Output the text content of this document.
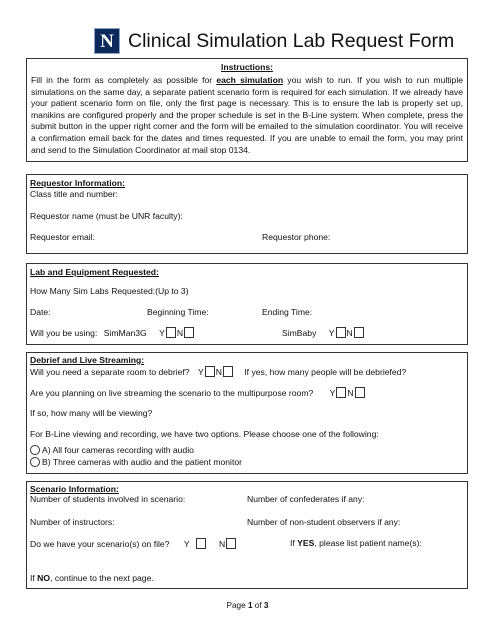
N Clinical Simulation Lab Request Form
Instructions:
Fill in the form as completely as possible for each simulation you wish to run. If you wish to run multiple simulations on the same day, a separate patient scenario form is required for each simulation. If we already have your patient scenario form on file, only the first page is necessary. This is to ensure the lab is properly set up, manikins are configured properly and the proper schedule is set in the B-Line system. When complete, press the submit button in the upper right corner and the form will be emailed to the simulation coordinator. You will receive a confirmation email back for the dates and times requested. If you are unable to email the form, you may print and send to the Simulation Coordinator at mail stop 0134.
Requestor Information:
Class title and number:
Requestor name (must be UNR faculty):
Requestor email:	Requestor phone:
Lab and Equipment Requested:
How Many Sim Labs Requested:(Up to 3)
Date:	Beginning Time:	Ending Time:
Will you be using: SimMan3G Y N	SimBaby Y N
Debrief and Live Streaming:
Will you need a separate room to debrief? Y N	If yes, how many people will be debriefed?
Are you planning on live streaming the scenario to the multipurpose room? Y N
If so, how many will be viewing?
For B-Line viewing and recording, we have two options. Please choose one of the following:
A) All four cameras recording with audio
B) Three cameras with audio and the patient monitor
Scenario Information:
Number of students involved in scenario:	Number of confederates if any:
Number of instructors:	Number of non-student observers if any:
Do we have your scenario(s) on file? Y	N	If YES, please list patient name(s):
If NO, continue to the next page.
Page 1 of 3
